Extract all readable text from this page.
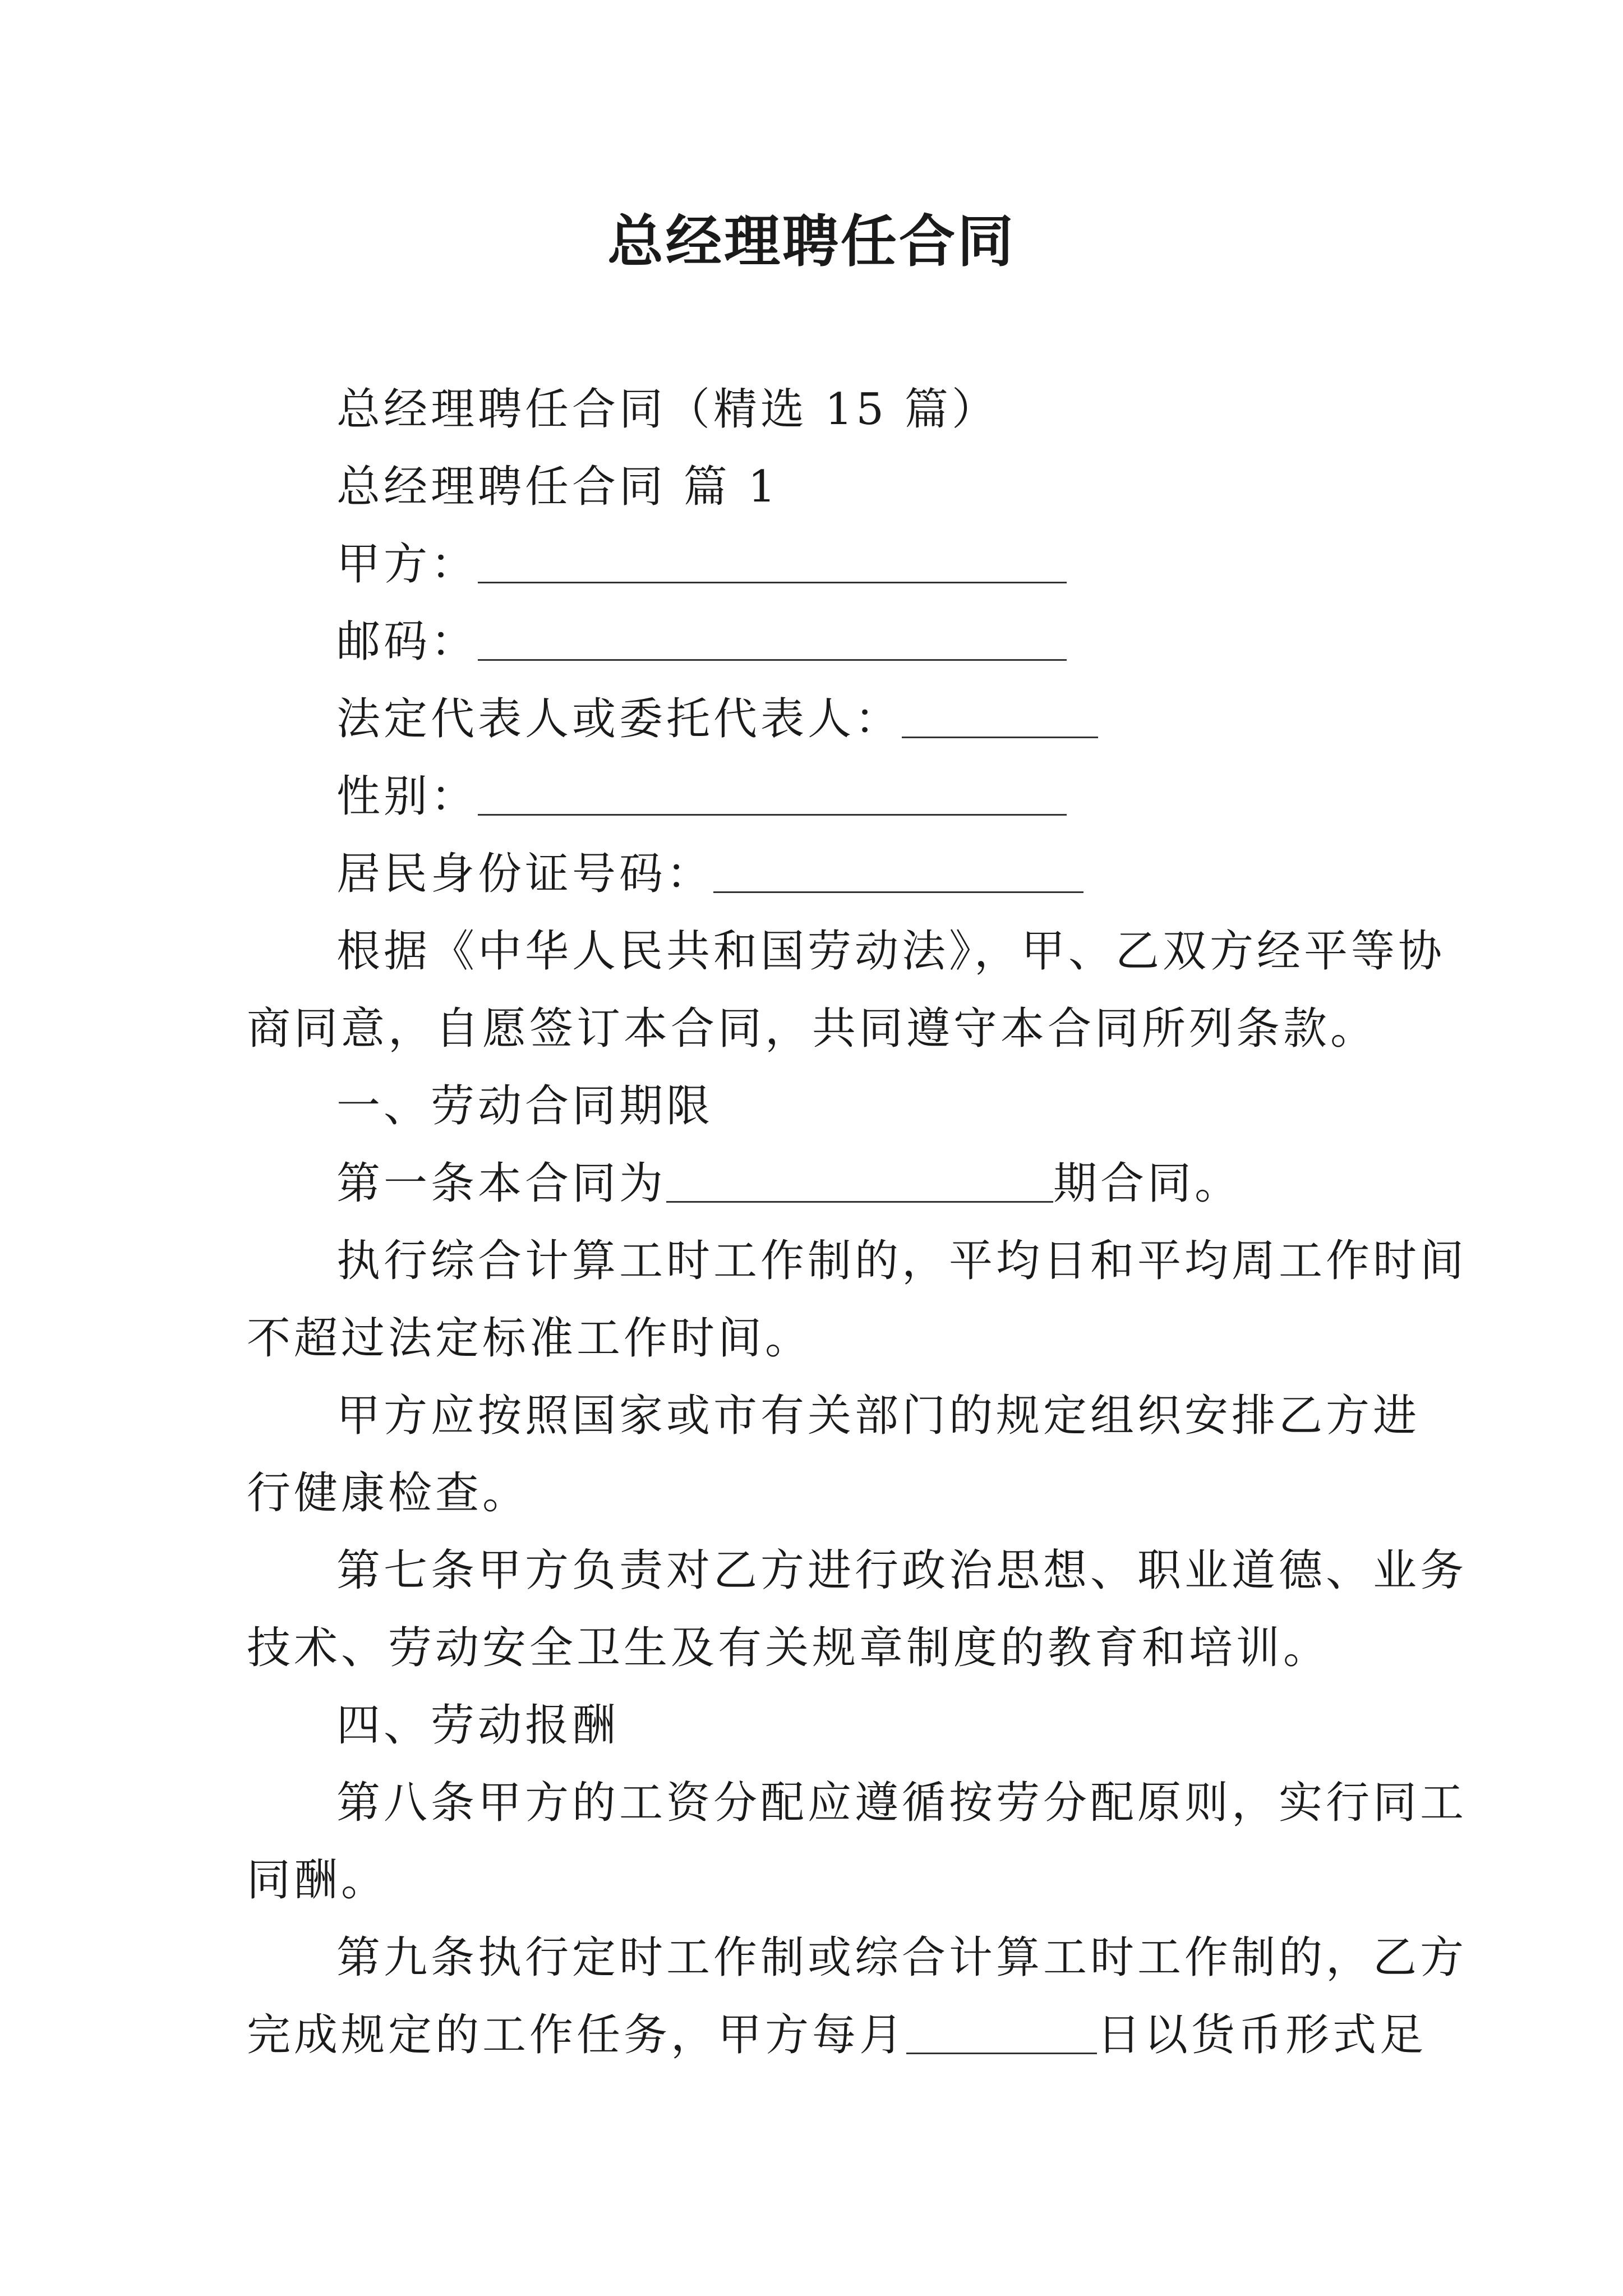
总经理聘任合同
总经理聘任合同（精选 15 篇）
总经理聘任合同 篇 1
甲方：
邮码：
法定代表人或委托代表人：
性别：
居民身份证号码：
根据《中华人民共和国劳动法》，甲、乙双方经平等协
商同意，自愿签订本合同，共同遵守本合同所列条款。
一、劳动合同期限
第一条本合同为	期合同。
执行综合计算工时工作制的，平均日和平均周工作时间
不超过法定标准工作时间。
甲方应按照国家或市有关部门的规定组织安排乙方进
行健康检查。
第七条甲方负责对乙方进行政治思想、职业道德、业务
技术、劳动安全卫生及有关规章制度的教育和培训。
四、劳动报酬
第八条甲方的工资分配应遵循按劳分配原则，实行同工
同酬。
第九条执行定时工作制或综合计算工时工作制的，乙方
完成规定的工作任务，甲方每月	日以货币形式足
